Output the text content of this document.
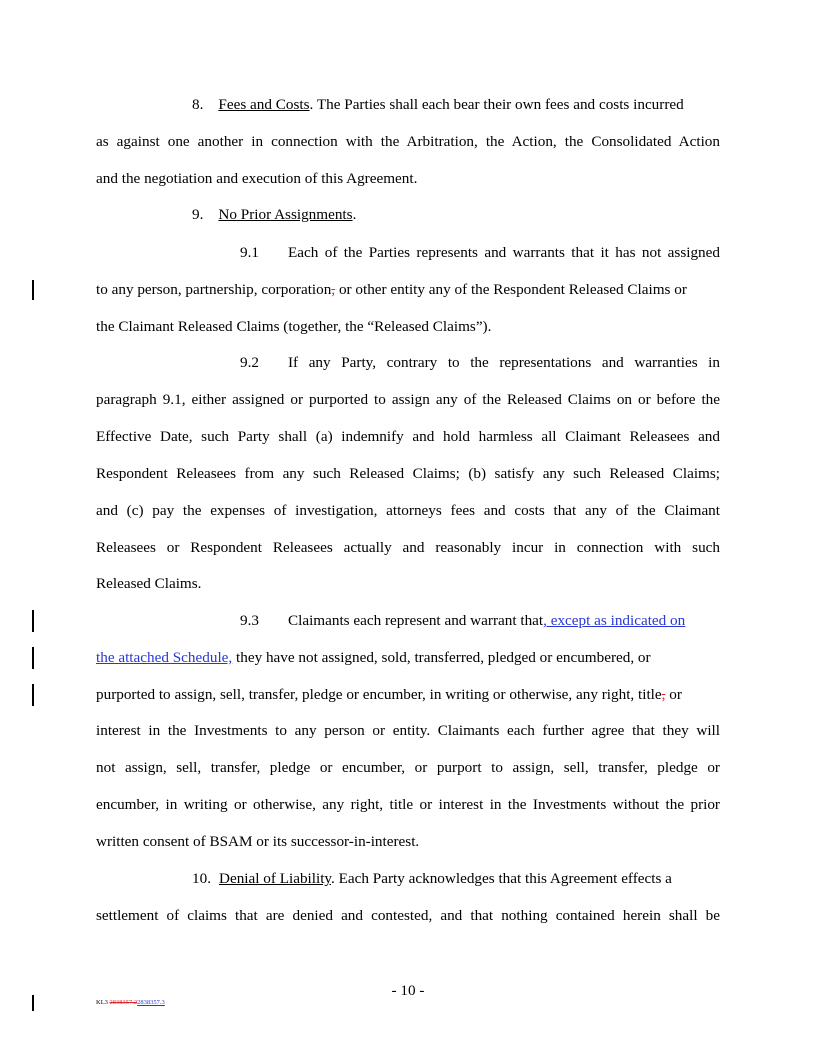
8. Fees and Costs. The Parties shall each bear their own fees and costs incurred
as against one another in connection with the Arbitration, the Action, the Consolidated Action
and the negotiation and execution of this Agreement.
9. No Prior Assignments.
9.1 Each of the Parties represents and warrants that it has not assigned
to any person, partnership, corporation, or other entity any of the Respondent Released Claims or
the Claimant Released Claims (together, the “Released Claims”).
9.2 If any Party, contrary to the representations and warranties in
paragraph 9.1, either assigned or purported to assign any of the Released Claims on or before the
Effective Date, such Party shall (a) indemnify and hold harmless all Claimant Releasees and
Respondent Releasees from any such Released Claims; (b) satisfy any such Released Claims;
and (c) pay the expenses of investigation, attorneys fees and costs that any of the Claimant
Releasees or Respondent Releasees actually and reasonably incur in connection with such
Released Claims.
9.3 Claimants each represent and warrant that, except as indicated on
the attached Schedule, they have not assigned, sold, transferred, pledged or encumbered, or
purported to assign, sell, transfer, pledge or encumber, in writing or otherwise, any right, title, or
interest in the Investments to any person or entity. Claimants each further agree that they will
not assign, sell, transfer, pledge or encumber, or purport to assign, sell, transfer, pledge or
encumber, in writing or otherwise, any right, title or interest in the Investments without the prior
written consent of BSAM or its successor-in-interest.
10. Denial of Liability. Each Party acknowledges that this Agreement effects a
settlement of claims that are denied and contested, and that nothing contained herein shall be
- 10 -
KL3 2838357.22838357.3
